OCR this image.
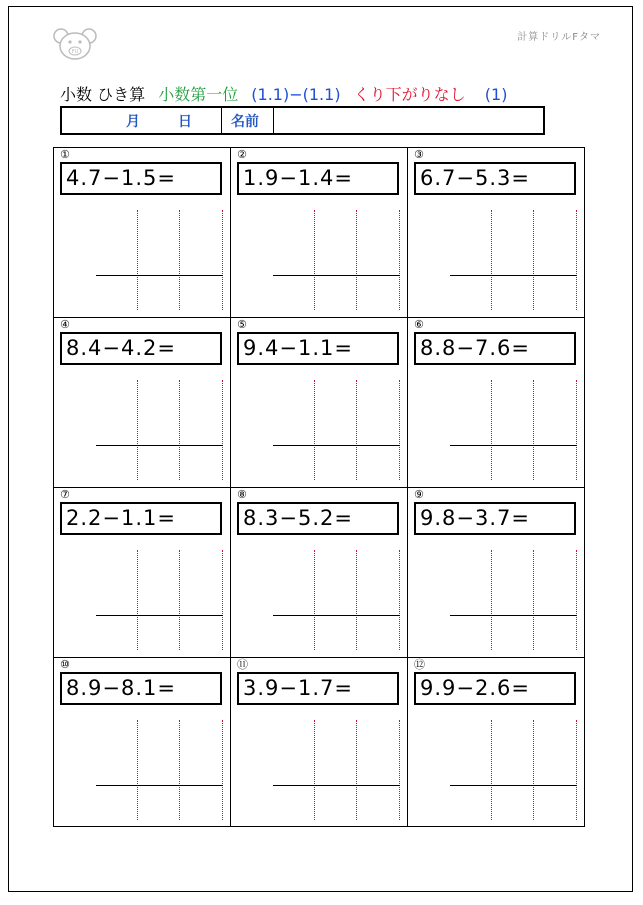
FU
計算ドリルFタマ
小数 ひき算 小数第一位 (1.1)−(1.1) くり下がりなし (1)
月	日	名前
①
4.7−1.5=
②
1.9−1.4=
③
6.7−5.3=
④
8.4−4.2=
⑤
9.4−1.1=
⑥
8.8−7.6=
⑦
2.2−1.1=
⑧
8.3−5.2=
⑨
9.8−3.7=
⑩
8.9−8.1=
⑪
3.9−1.7=
⑫
9.9−2.6=
